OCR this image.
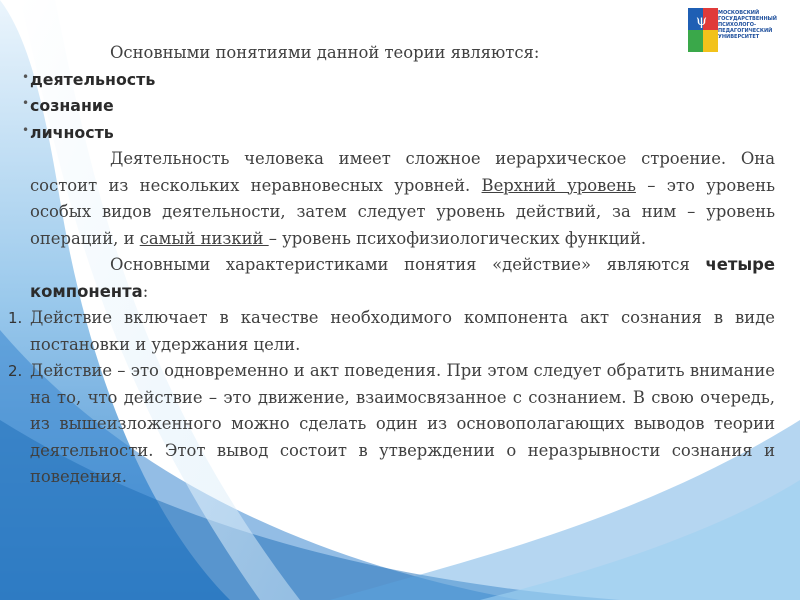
ψ МОСКОВСКИЙ
ГОСУДАРСТВЕННЫЙ
ПСИХОЛОГО-
ПЕДАГОГИЧЕСКИЙ
УНИВЕРСИТЕТ

Основными понятиями данной теории являются:

• деятельность
• сознание
• личность

Деятельность человека имеет сложное иерархическое строение. Она состоит из нескольких неравновесных уровней. Верхний уровень – это уровень особых видов деятельности, затем следует уровень действий, за ним – уровень операций, и самый низкий – уровень психофизиологических функций.

Основными характеристиками понятия «действие» являются четыре компонента:

1. Действие включает в качестве необходимого компонента акт сознания в виде постановки и удержания цели.
2. Действие – это одновременно и акт поведения. При этом следует обратить внимание на то, что действие – это движение, взаимосвязанное с сознанием. В свою очередь, из вышеизложенного можно сделать один из основополагающих выводов теории деятельности. Этот вывод состоит в утверждении о неразрывности сознания и поведения.
